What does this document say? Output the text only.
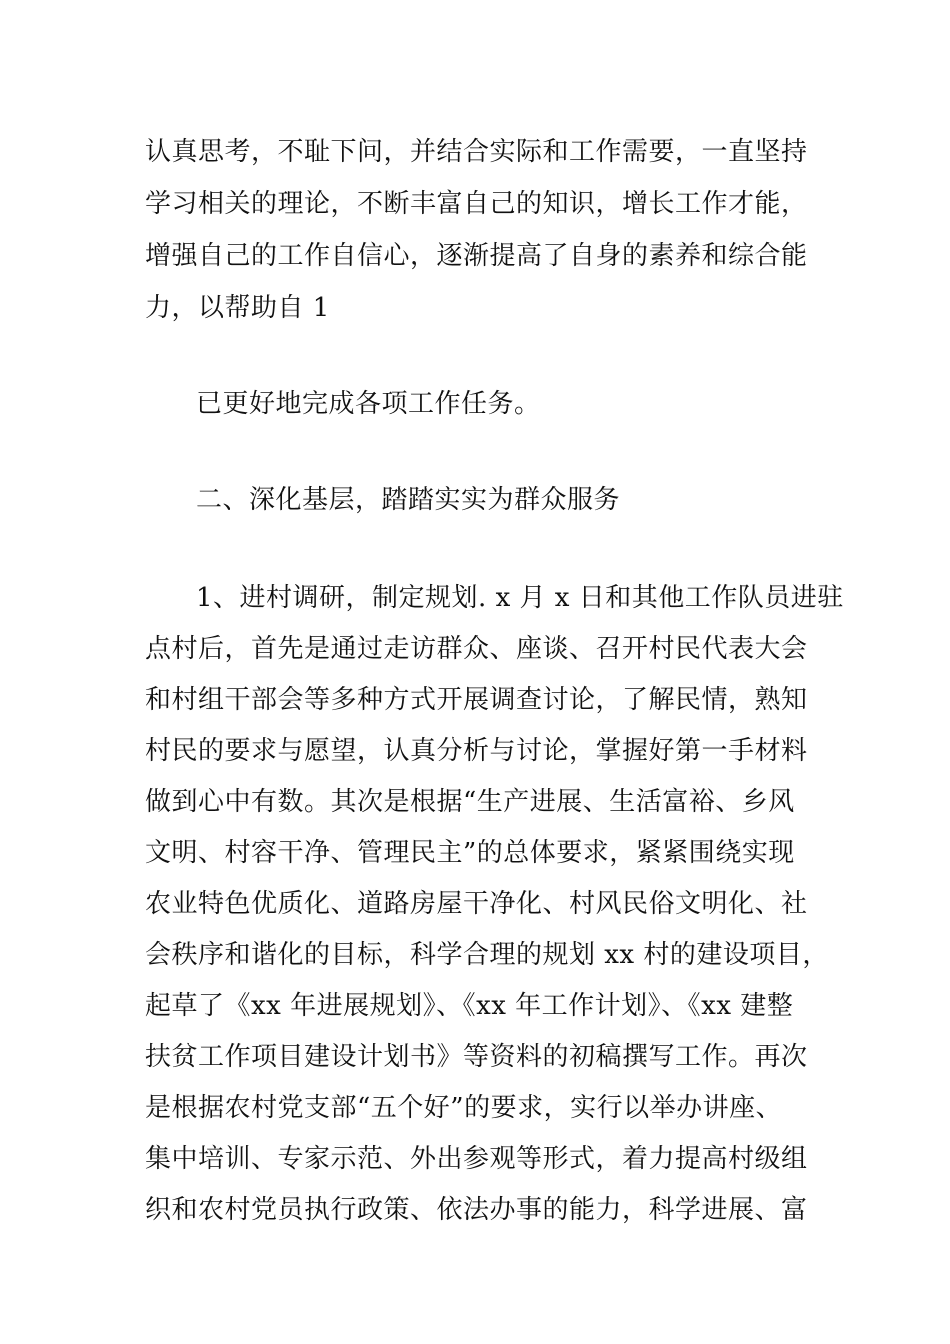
认真思考，不耻下问，并结合实际和工作需要，一直坚持
学习相关的理论，不断丰富自己的知识，增长工作才能，
增强自己的工作自信心，逐渐提高了自身的素养和综合能
力，以帮助自 1
已更好地完成各项工作任务。
二、深化基层，踏踏实实为群众服务
1、进村调研，制定规划. x 月 x 日和其他工作队员进驻
点村后，首先是通过走访群众、座谈、召开村民代表大会
和村组干部会等多种方式开展调查讨论，了解民情，熟知
村民的要求与愿望，认真分析与讨论，掌握好第一手材料
做到心中有数。其次是根据“生产进展、生活富裕、乡风
文明、村容干净、管理民主”的总体要求，紧紧围绕实现
农业特色优质化、道路房屋干净化、村风民俗文明化、社
会秩序和谐化的目标，科学合理的规划 xx 村的建设项目，
起草了《xx 年进展规划》、《xx 年工作计划》、《xx 建整
扶贫工作项目建设计划书》等资料的初稿撰写工作。再次
是根据农村党支部“五个好”的要求，实行以举办讲座、
集中培训、专家示范、外出参观等形式，着力提高村级组
织和农村党员执行政策、依法办事的能力，科学进展、富
